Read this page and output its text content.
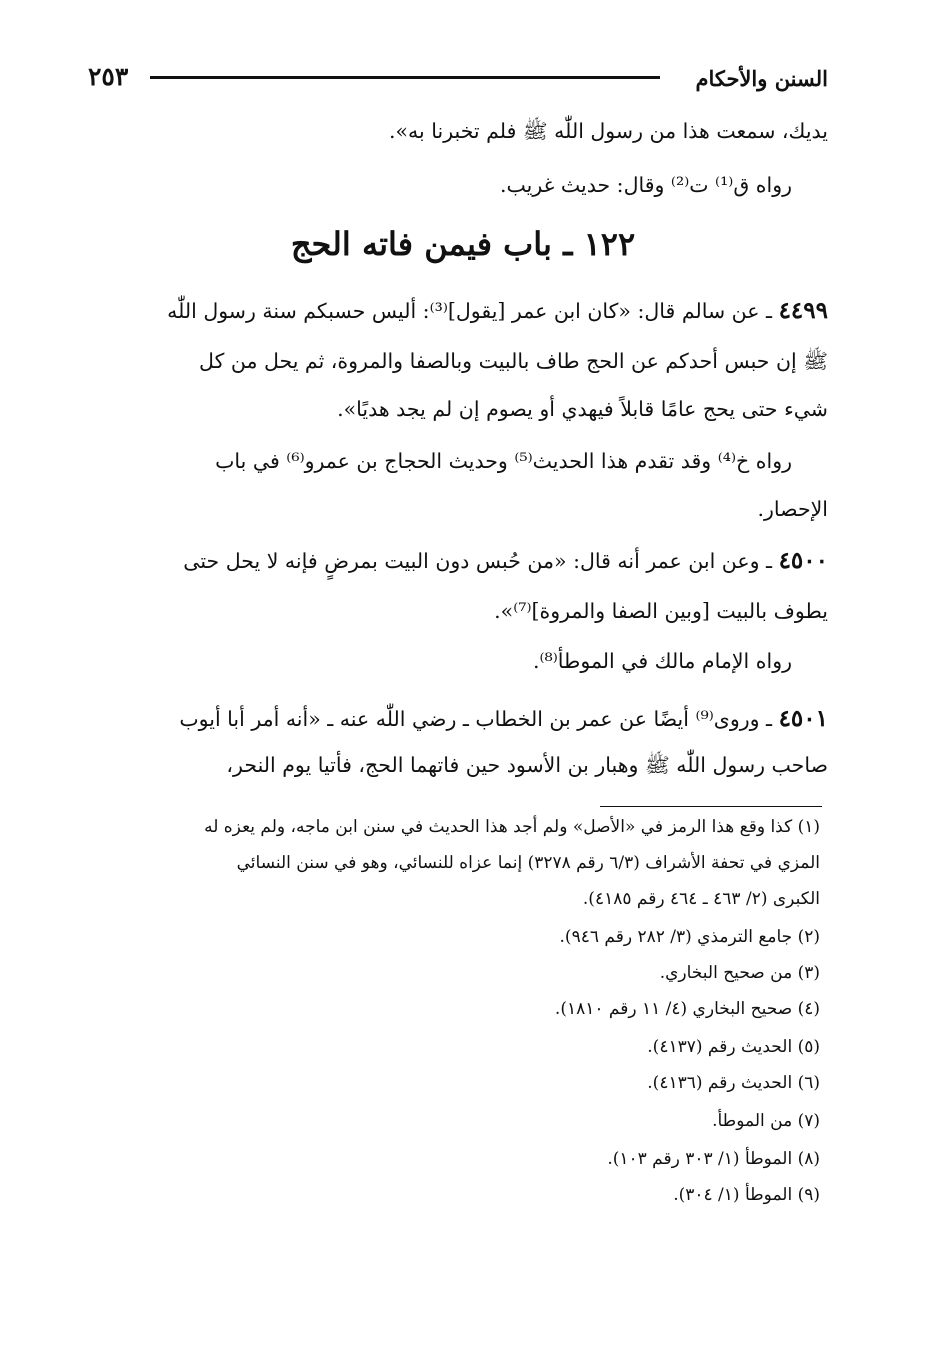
السنن والأحكام
٢٥٣
يديك، سمعت هذا من رسول اللّٰه ﷺ فلم تخبرنا به».
رواه ق⁽¹⁾ ت⁽²⁾ وقال: حديث غريب.
٤٤٩٩ ـ عن سالم قال: «كان ابن عمر [يقول]⁽³⁾: أليس حسبكم سنة رسول اللّٰه
ﷺ إن حبس أحدكم عن الحج طاف بالبيت وبالصفا والمروة، ثم يحل من كل
شيء حتى يحج عامًا قابلاً فيهدي أو يصوم إن لم يجد هديًا».
رواه خ⁽⁴⁾ وقد تقدم هذا الحديث⁽⁵⁾ وحديث الحجاج بن عمرو⁽⁶⁾ في باب
الإحصار.
٤٥٠٠ ـ وعن ابن عمر أنه قال: «من حُبس دون البيت بمرضٍ فإنه لا يحل حتى
يطوف بالبيت [وبين الصفا والمروة]⁽⁷⁾».
رواه الإمام مالك في الموطأ⁽⁸⁾.
٤٥٠١ ـ وروى⁽⁹⁾ أيضًا عن عمر بن الخطاب ـ رضي اللّٰه عنه ـ «أنه أمر أبا أيوب
صاحب رسول اللّٰه ﷺ وهبار بن الأسود حين فاتهما الحج، فأتيا يوم النحر،
١٢٢ ـ باب فيمن فاته الحج
(١) كذا وقع هذا الرمز في «الأصل» ولم أجد هذا الحديث في سنن ابن ماجه، ولم يعزه له
المزي في تحفة الأشراف (٦/٣ رقم ٣٢٧٨) إنما عزاه للنسائي، وهو في سنن النسائي
الكبرى (٢/ ٤٦٣ ـ ٤٦٤ رقم ٤١٨٥).
(٢) جامع الترمذي (٣/ ٢٨٢ رقم ٩٤٦).
(٣) من صحيح البخاري.
(٤) صحيح البخاري (٤/ ١١ رقم ١٨١٠).
(٥) الحديث رقم (٤١٣٧).
(٦) الحديث رقم (٤١٣٦).
(٧) من الموطأ.
(٨) الموطأ (١/ ٣٠٣ رقم ١٠٣).
(٩) الموطأ (١/ ٣٠٤).
